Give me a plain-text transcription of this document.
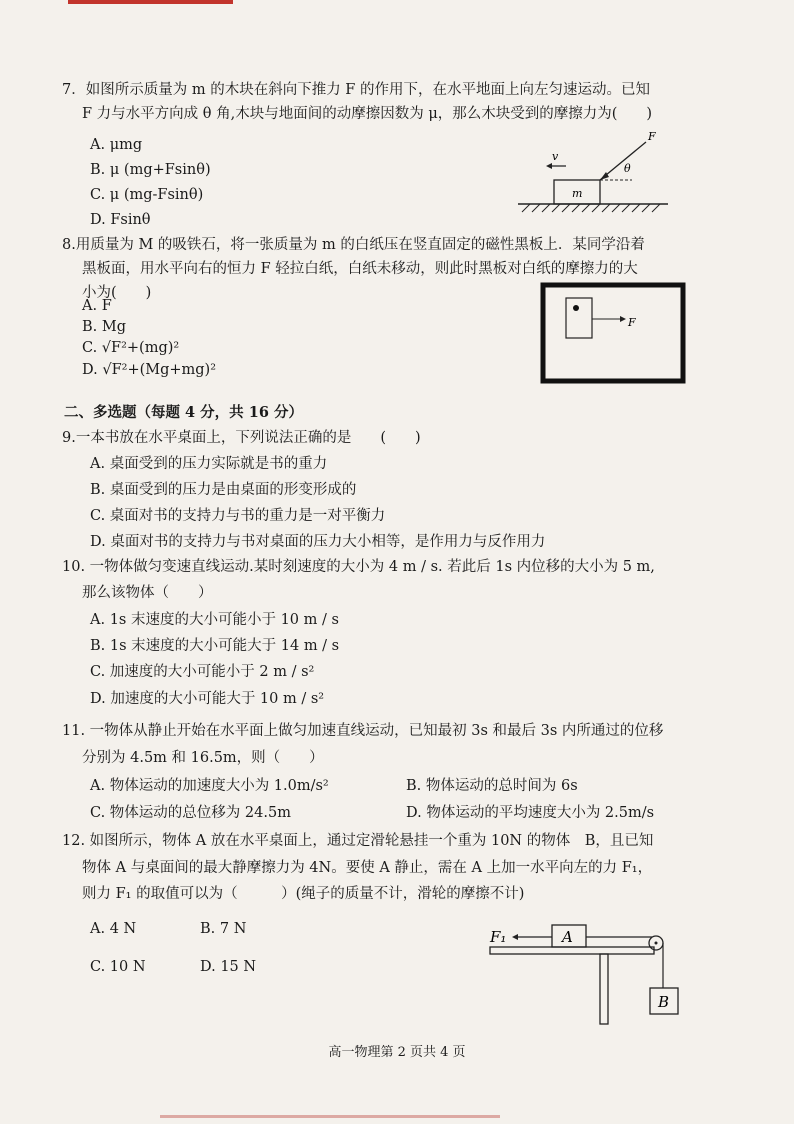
7．如图所示质量为 m 的木块在斜向下推力 F 的作用下，在水平地面上向左匀速运动。已知
F 力与水平方向成 θ 角,木块与地面间的动摩擦因数为 μ，那么木块受到的摩擦力为(　　)
A. μmg
B. μ (mg+Fsinθ)
C. μ (mg-Fsinθ)
D. Fsinθ
m
v
F
θ
8.用质量为 M 的吸铁石，将一张质量为 m 的白纸压在竖直固定的磁性黑板上．某同学沿着
黑板面，用水平向右的恒力 F 轻拉白纸，白纸未移动，则此时黑板对白纸的摩擦力的大
小为(　　)
A. F
B. Mg
C. √F²+(mg)²
D. √F²+(Mg+mg)²
F
二、多选题（每题 4 分，共 16 分）
9.一本书放在水平桌面上，下列说法正确的是　　(　　)
A. 桌面受到的压力实际就是书的重力
B. 桌面受到的压力是由桌面的形变形成的
C. 桌面对书的支持力与书的重力是一对平衡力
D. 桌面对书的支持力与书对桌面的压力大小相等，是作用力与反作用力
10. 一物体做匀变速直线运动.某时刻速度的大小为 4 m / s. 若此后 1s 内位移的大小为 5 m,
那么该物体（　　）
A. 1s 末速度的大小可能小于 10 m / s
B. 1s 末速度的大小可能大于 14 m / s
C. 加速度的大小可能小于 2 m / s²
D. 加速度的大小可能大于 10 m / s²
11. 一物体从静止开始在水平面上做匀加速直线运动，已知最初 3s 和最后 3s 内所通过的位移
分别为 4.5m 和 16.5m，则（　　）
A. 物体运动的加速度大小为 1.0m/s²	B. 物体运动的总时间为 6s
C. 物体运动的总位移为 24.5m	D. 物体运动的平均速度大小为 2.5m/s
12. 如图所示，物体 A 放在水平桌面上，通过定滑轮悬挂一个重为 10N 的物体　B，且已知
物体 A 与桌面间的最大静摩擦力为 4N。要使 A 静止，需在 A 上加一水平向左的力 F₁，
则力 F₁ 的取值可以为（　　　）(绳子的质量不计，滑轮的摩擦不计)
A. 4 N	B. 7 N
C. 10 N	D. 15 N
A
B
F₁
高一物理第 2 页共 4 页
